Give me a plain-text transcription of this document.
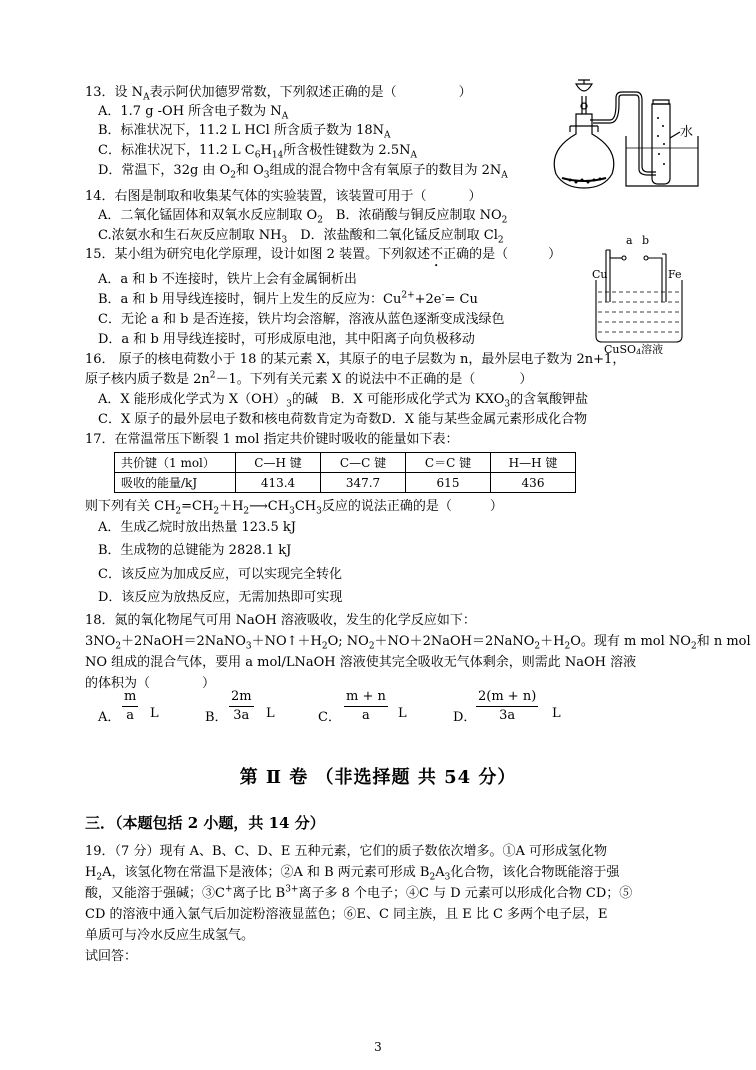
13．设 $N_A$表示阿伏加德罗常数，下列叙述正确的是（	）
A．1.7 g -OH 所含电子数为 $N_A$
B．标准状况下，11.2 L HCl 所含质子数为 $18N_A$
C．标准状况下，11.2 L $C_6H_{14}$所含极性键数为 $2.5N_A$
D．常温下，32g 由 $O_2$和 $O_3$组成的混合物中含有氧原子的数目为 $2N_A$
水
14．右图是制取和收集某气体的实验装置，该装置可用于（	）
A．二氧化锰固体和双氧水反应制取 $O_2$  B．浓硝酸与铜反应制取 $NO_2$
C.浓氨水和生石灰反应制取 $NH_3$  D．浓盐酸和二氧化锰反应制取 $Cl_2$
15．某小组为研究电化学原理，设计如图 2 装置。下列叙述不正确的是（	）
A．a 和 b 不连接时，铁片上会有金属铜析出
B．a 和 b 用导线连接时，铜片上发生的反应为：$Cu^{2+}+2e^-= Cu$
C．无论 a 和 b 是否连接，铁片均会溶解，溶液从蓝色逐渐变成浅绿色
D．a 和 b 用导线连接时，可形成原电池，其中阳离子向负极移动
a b
Cu	Fe
CuSO4溶液
16． 原子的核电荷数小于 18 的某元素 X，其原子的电子层数为 n，最外层电子数为 2n+1，
原子核内质子数是 $2n^2-1$。下列有关元素 X 的说法中不正确的是（	）
A．X 能形成化学式为 $X(OH)_3$的碱  B．X 可能形成化学式为 $KXO_3$的含氧酸钾盐
C．X 原子的最外层电子数和核电荷数肯定为奇数D．X 能与某些金属元素形成化合物
17．在常温常压下断裂 1 mol 指定共价键时吸收的能量如下表：
共价键（1 mol）	C—H 键	C—C 键	C＝C 键	H—H 键
吸收的能量/kJ	413.4	347.7	615	436
则下列有关 $CH_2=CH_2+H_2⟶CH_3CH_3$反应的说法正确的是（	）
A．生成乙烷时放出热量 123.5 kJ
B．生成物的总键能为 2828.1 kJ
C．该反应为加成反应，可以实现完全转化
D．该反应为放热反应，无需加热即可实现
18．氮的氧化物尾气可用 NaOH 溶液吸收，发生的化学反应如下：
$3NO_2+2NaOH=2NaNO_3+NO↑+H_2O$; $NO_2+NO+2NaOH=2NaNO_2+H_2O$。现有 m mol $NO_2$和 n mol
NO 组成的混合气体，要用 a mol/LNaOH 溶液使其完全吸收无气体剩余，则需此 NaOH 溶液
的体积为（	）
A． $\frac{m}{a}$ L	B． $\frac{2m}{3a}$ L	C． $\frac{m + n}{a}$ L	D． $\frac{2(m + n)}{3a}$ L
第 Ⅱ 卷 （非选择题 共 54 分）
三．（本题包括 2 小题，共 14 分）
19．（7 分）现有 A、B、C、D、E 五种元素，它们的质子数依次增多。①A 可形成氢化物
$H_2A$，该氢化物在常温下是液体；②A 和 B 两元素可形成 $B_2A_3$化合物，该化合物既能溶于强
酸，又能溶于强碱；③C+离子比 $B^{3+}$离子多 8 个电子；④C 与 D 元素可以形成化合物 CD；⑤
CD 的溶液中通入氯气后加淀粉溶液显蓝色；⑥E、C 同主族，且 E 比 C 多两个电子层，E
单质可与冷水反应生成氢气。
试回答：
3
